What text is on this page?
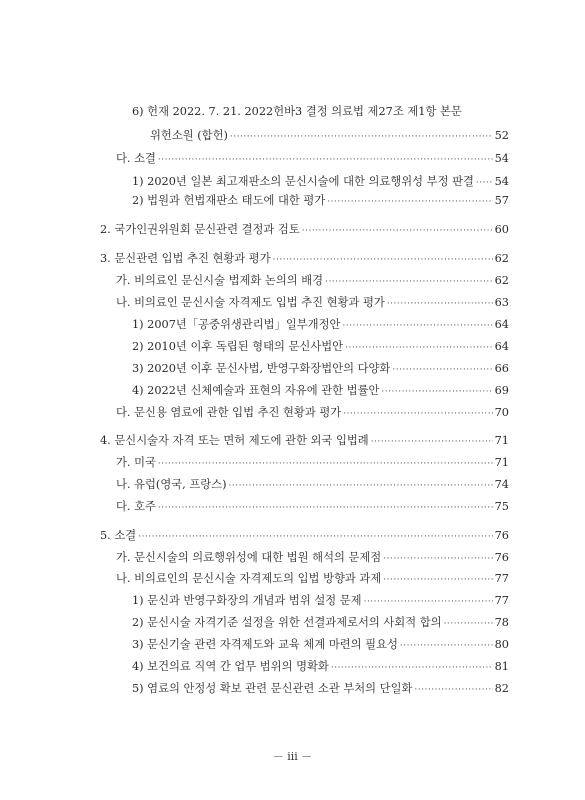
6) 헌재 2022. 7. 21. 2022헌바3 결정 의료법 제27조 제1항 본문
위헌소원 (합헌) ·····	52
다. 소결 ·····	54
1) 2020년 일본 최고재판소의 문신시술에 대한 의료행위성 부정 판결 ····· 54
2) 법원과 헌법재판소 태도에 대한 평가 ·····	57
2. 국가인권위원회 문신관련 결정과 검토 ·····	60
3. 문신관련 입법 추진 현황과 평가 ·····	62
가. 비의료인 문신시술 법제화 논의의 배경 ·····	62
나. 비의료인 문신시술 자격제도 입법 추진 현황과 평가 ·····	63
1) 2007년「공중위생관리법」일부개정안 ·····	64
2) 2010년 이후 독립된 형태의 문신사법안 ·····	64
3) 2020년 이후 문신사법, 반영구화장법안의 다양화 ·····	66
4) 2022년 신체예술과 표현의 자유에 관한 법률안 ·····	69
다. 문신용 염료에 관한 입법 추진 현황과 평가 ·····	70
4. 문신시술자 자격 또는 면허 제도에 관한 외국 입법례 ·····	71
가. 미국 ·····	71
나. 유럽(영국, 프랑스) ·····	74
다. 호주 ·····	75
5. 소결 ·····	76
가. 문신시술의 의료행위성에 대한 법원 해석의 문제점 ·····	76
나. 비의료인의 문신시술 자격제도의 입법 방향과 과제 ·····	77
1) 문신과 반영구화장의 개념과 범위 설정 문제 ·····	77
2) 문신시술 자격기준 설정을 위한 선결과제로서의 사회적 합의 ·····	78
3) 문신기술 관련 자격제도와 교육 체계 마련의 필요성 ·····	80
4) 보건의료 직역 간 업무 범위의 명확화 ·····	81
5) 염료의 안정성 확보 관련 문신관련 소관 부처의 단일화 ·····	82
－ iii －
